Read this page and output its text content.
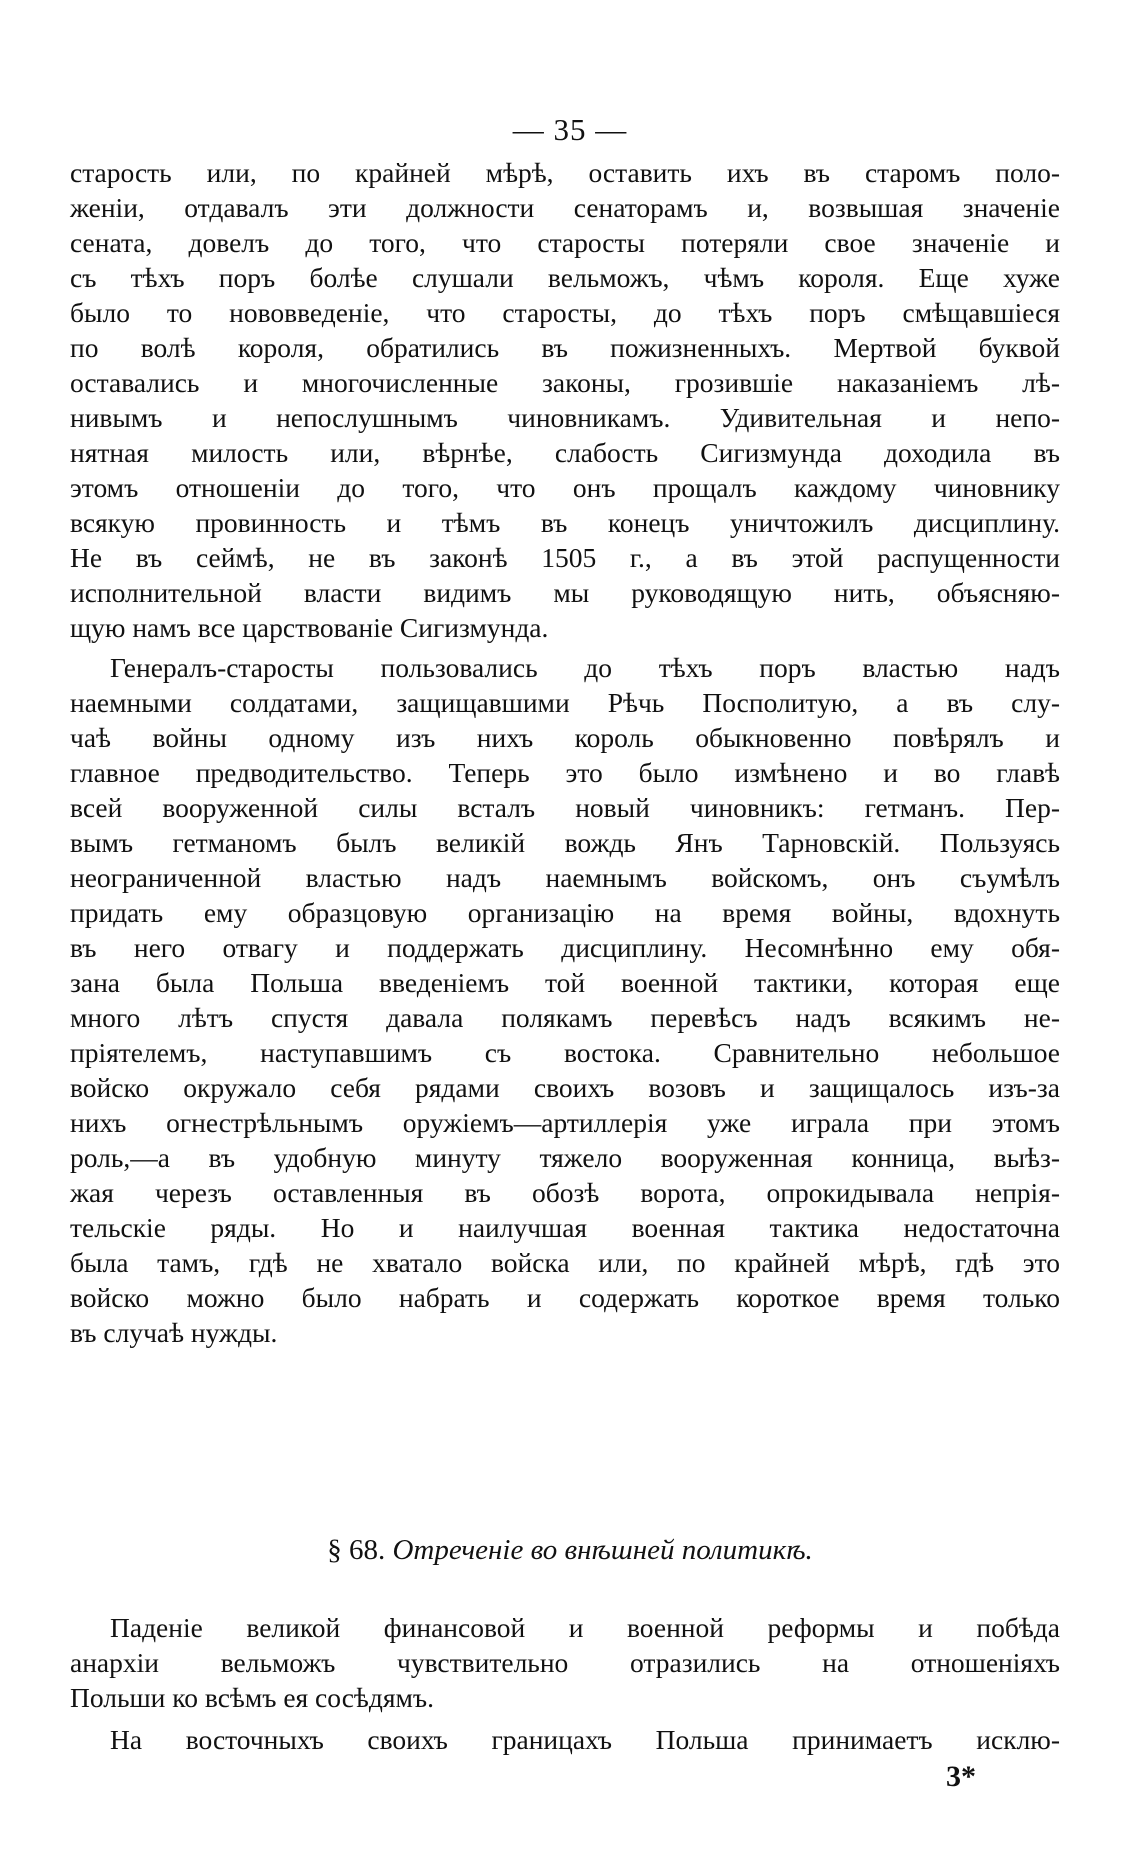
— 35 —
старость или, по крайней мѣрѣ, оставить ихъ въ старомъ поло-
женіи, отдавалъ эти должности сенаторамъ и, возвышая значеніе
сената, довелъ до того, что старосты потеряли свое значеніе и
съ тѣхъ поръ болѣе слушали вельможъ, чѣмъ короля. Еще хуже
было то нововведеніе, что старосты, до тѣхъ поръ смѣщавшіеся
по волѣ короля, обратились въ пожизненныхъ. Мертвой буквой
оставались и многочисленные законы, грозившіе наказаніемъ лѣ-
нивымъ и непослушнымъ чиновникамъ. Удивительная и непо-
нятная милость или, вѣрнѣе, слабость Сигизмунда доходила въ
этомъ отношеніи до того, что онъ прощалъ каждому чиновнику
всякую провинность и тѣмъ въ конецъ уничтожилъ дисциплину.
Не въ сеймѣ, не въ законѣ 1505 г., а въ этой распущенности
исполнительной власти видимъ мы руководящую нить, объясняю-
щую намъ все царствованіе Сигизмунда.
Генералъ-старосты пользовались до тѣхъ поръ властью надъ
наемными солдатами, защищавшими Рѣчь Посполитую, а въ слу-
чаѣ войны одному изъ нихъ король обыкновенно повѣрялъ и
главное предводительство. Теперь это было измѣнено и во главѣ
всей вооруженной силы всталъ новый чиновникъ: гетманъ. Пер-
вымъ гетманомъ былъ великій вождь Янъ Тарновскій. Пользуясь
неограниченной властью надъ наемнымъ войскомъ, онъ съумѣлъ
придать ему образцовую организацію на время войны, вдохнуть
въ него отвагу и поддержать дисциплину. Несомнѣнно ему обя-
зана была Польша введеніемъ той военной тактики, которая еще
много лѣтъ спустя давала полякамъ перевѣсъ надъ всякимъ не-
пріятелемъ, наступавшимъ съ востока. Сравнительно небольшое
войско окружало себя рядами своихъ возовъ и защищалось изъ-за
нихъ огнестрѣльнымъ оружіемъ—артиллерія уже играла при этомъ
роль,—а въ удобную минуту тяжело вооруженная конница, выѣз-
жая черезъ оставленныя въ обозѣ ворота, опрокидывала непрія-
тельскіе ряды. Но и наилучшая военная тактика недостаточна
была тамъ, гдѣ не хватало войска или, по крайней мѣрѣ, гдѣ это
войско можно было набрать и содержать короткое время только
въ случаѣ нужды.
§ 68. Отреченіе во внѣшней политикѣ.
Паденіе великой финансовой и военной реформы и побѣда
анархіи вельможъ чувствительно отразились на отношеніяхъ
Польши ко всѣмъ ея сосѣдямъ.
На восточныхъ своихъ границахъ Польша принимаетъ исклю-
3*
